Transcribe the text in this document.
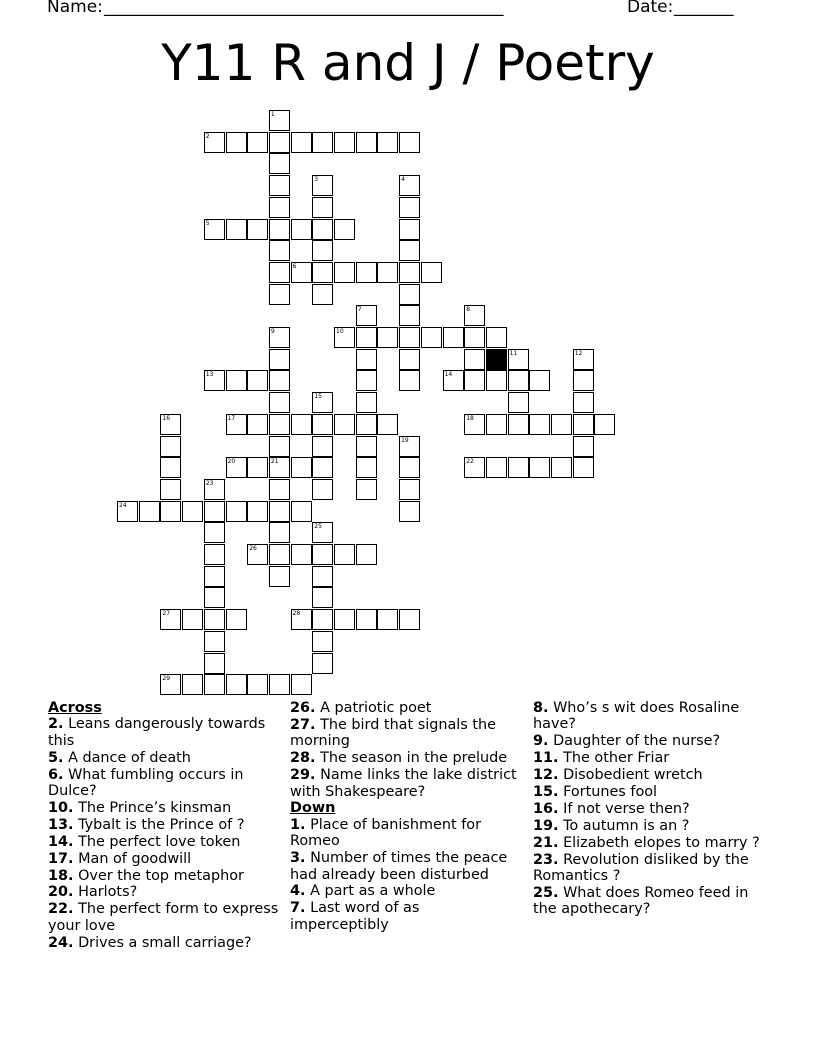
Name: _______________________________________________	Date: _______
Y11 R and J / Poetry
1
2
3	4
5
6
7	8
9
21
10
11	12
13	14
15
16	17	18
19
20	22
23
24
25
26
27	28
29
Across
2. Leans dangerously towards this
5. A dance of death
6. What fumbling occurs in Dulce?
10. The Prince’s kinsman
13. Tybalt is the Prince of ?
14. The perfect love token
17. Man of goodwill
18. Over the top metaphor
20. Harlots?
22. The perfect form to express your love
24. Drives a small carriage?
26. A patriotic poet
27. The bird that signals the morning
28. The season in the prelude
29. Name links the lake district with Shakespeare?
Down
1. Place of banishment for Romeo
3. Number of times the peace had already been disturbed
4. A part as a whole
7. Last word of as imperceptibly
8. Who’s s wit does Rosaline have?
9. Daughter of the nurse?
11. The other Friar
12. Disobedient wretch
15. Fortunes fool
16. If not verse then?
19. To autumn is an ?
21. Elizabeth elopes to marry ?
23. Revolution disliked by the Romantics ?
25. What does Romeo feed in the apothecary?
